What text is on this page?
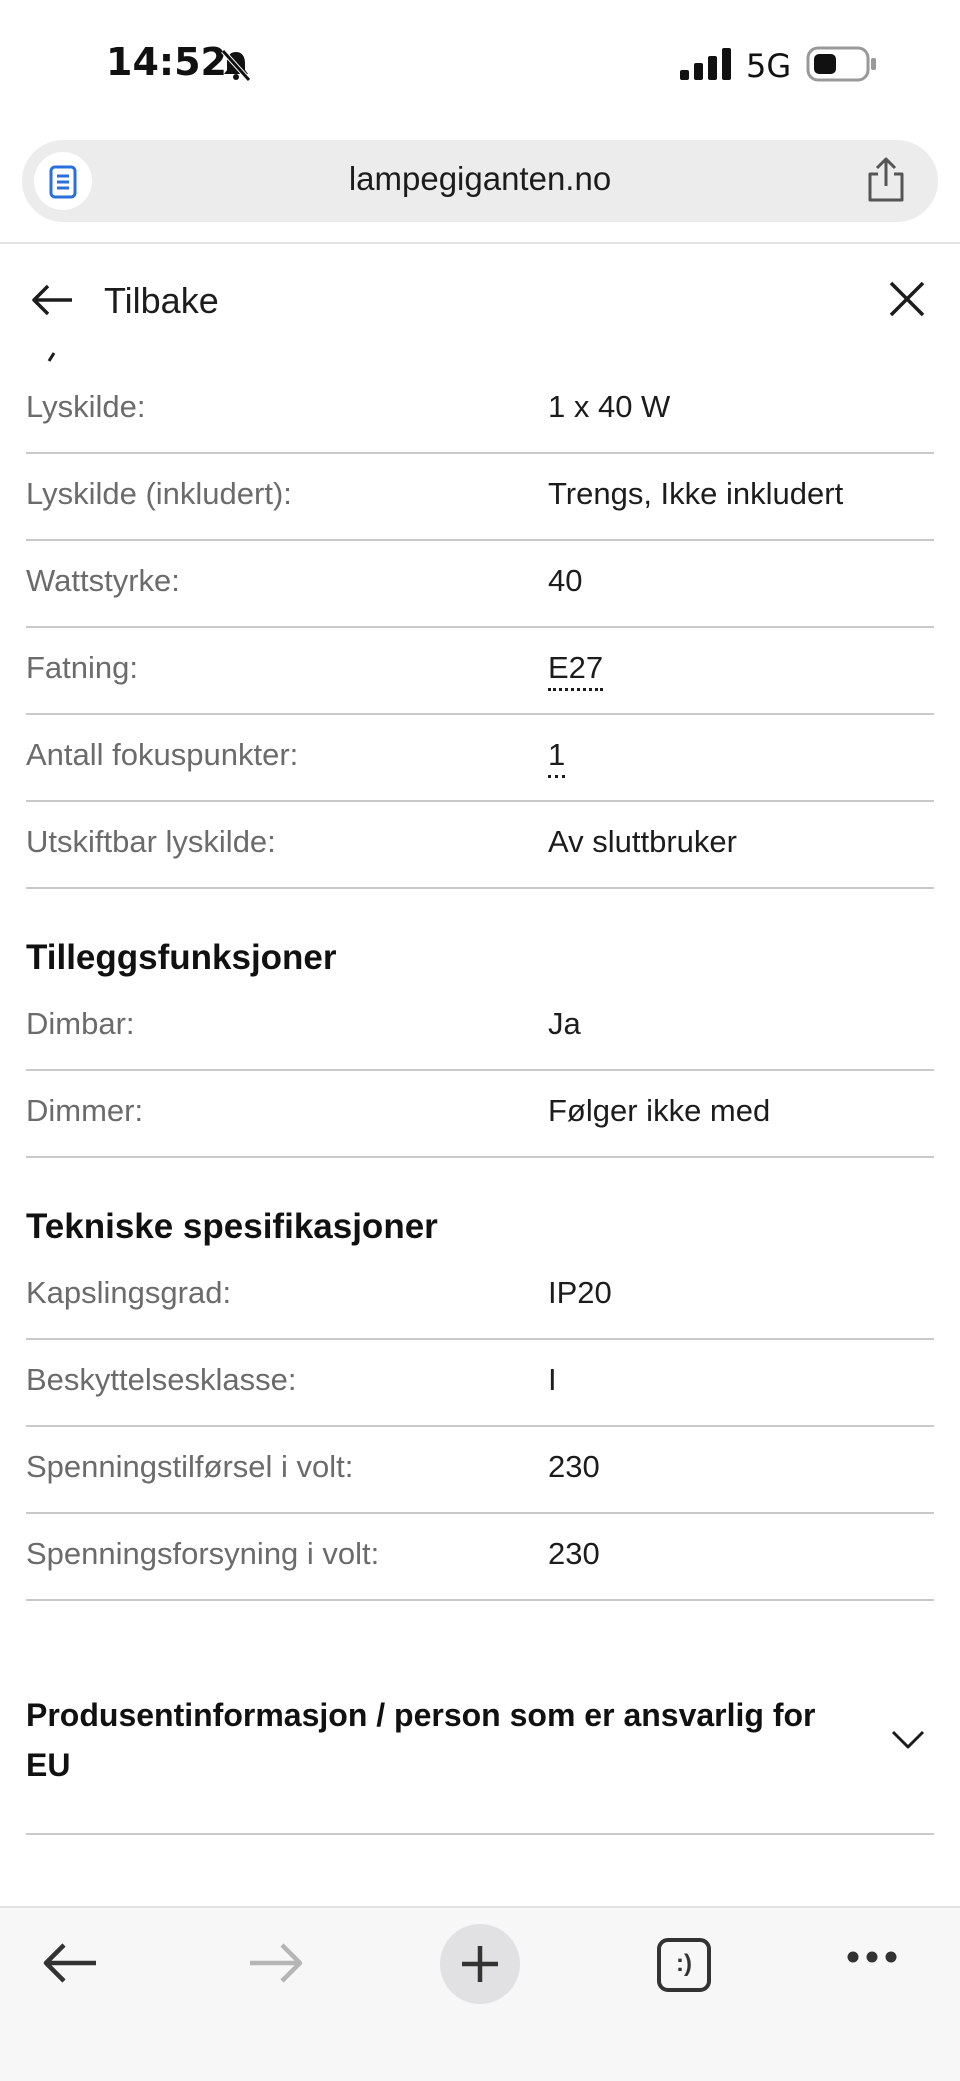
14:52	5G
lampegiganten.no
Tilbake
Lyskilde:	1 x 40 W
Lyskilde (inkludert):	Trengs, Ikke inkludert
Wattstyrke:	40
Fatning:	E27
Antall fokuspunkter:	1
Utskiftbar lyskilde:	Av sluttbruker
Tilleggsfunksjoner
Dimbar:	Ja
Dimmer:	Følger ikke med
Tekniske spesifikasjoner
Kapslingsgrad:	IP20
Beskyttelsesklasse:	I
Spenningstilførsel i volt:	230
Spenningsforsyning i volt:	230
Produsentinformasjon / person som er ansvarlig for EU
:)
